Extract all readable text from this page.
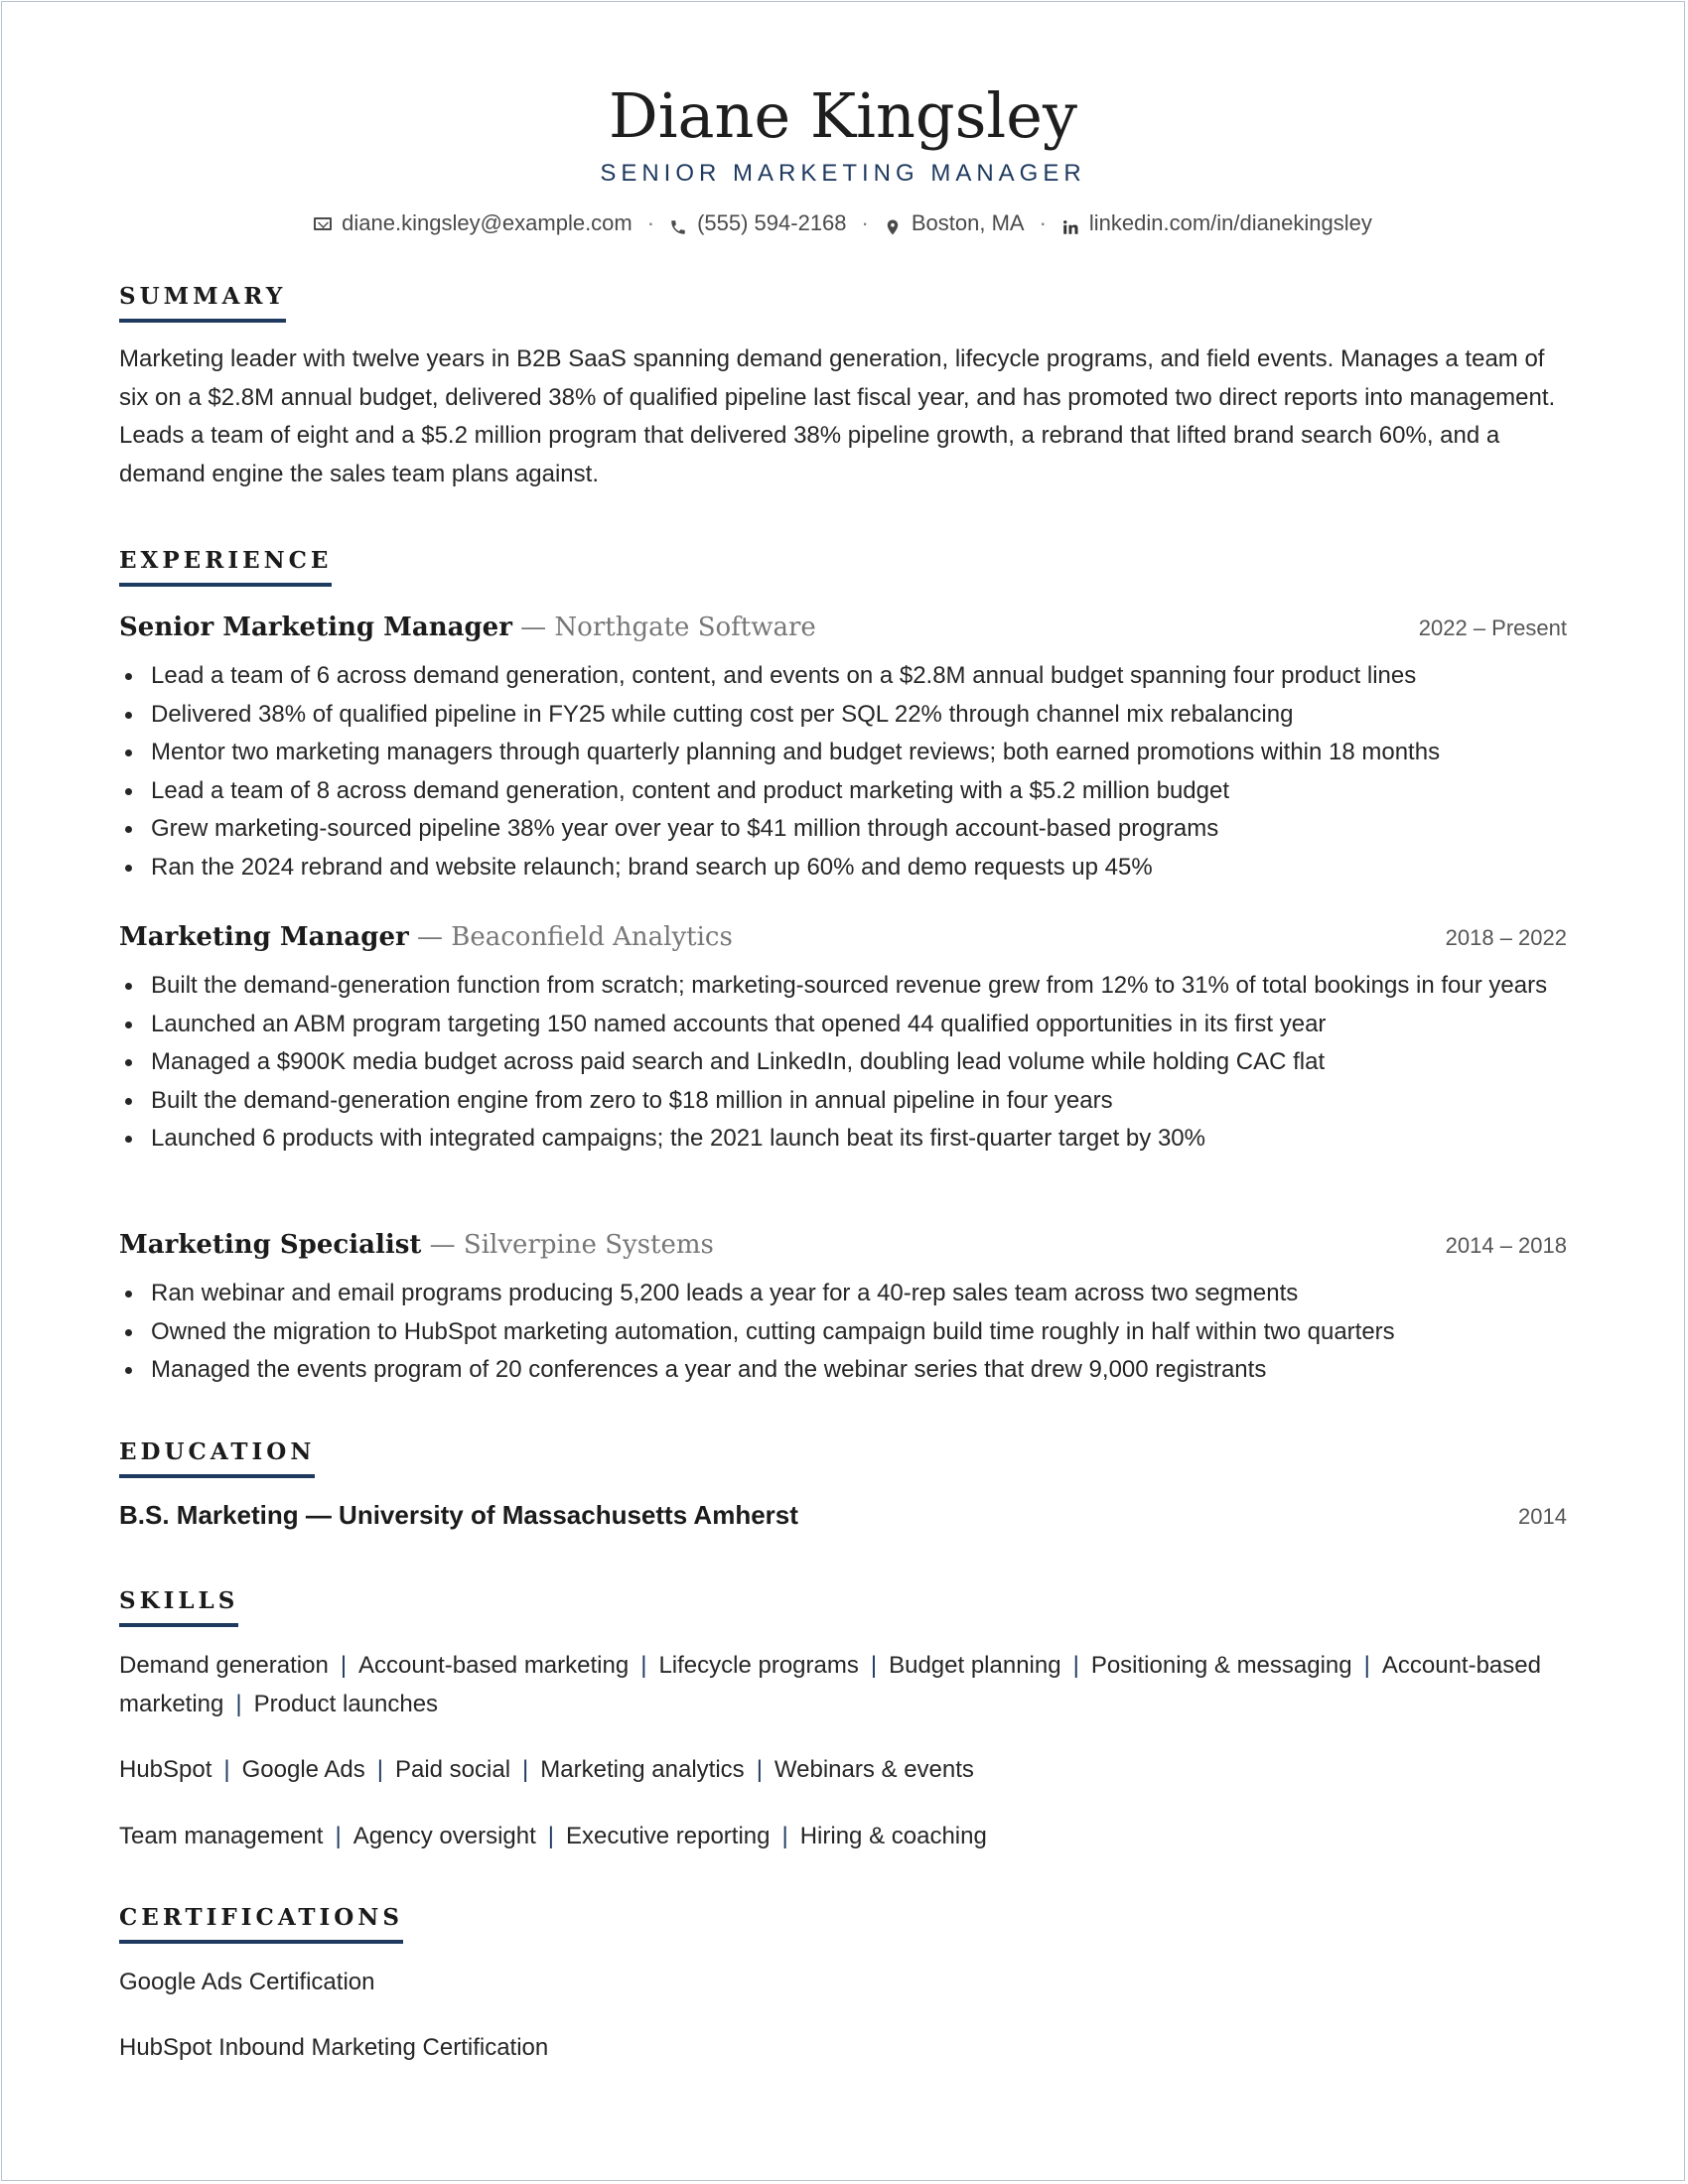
Diane Kingsley
SENIOR MARKETING MANAGER
diane.kingsley@example.com · (555) 594-2168 · Boston, MA · linkedin.com/in/dianekingsley
SUMMARY
Marketing leader with twelve years in B2B SaaS spanning demand generation, lifecycle programs, and field events. Manages a team of six on a $2.8M annual budget, delivered 38% of qualified pipeline last fiscal year, and has promoted two direct reports into management. Leads a team of eight and a $5.2 million program that delivered 38% pipeline growth, a rebrand that lifted brand search 60%, and a demand engine the sales team plans against.
EXPERIENCE
Senior Marketing Manager — Northgate Software	2022 – Present
Lead a team of 6 across demand generation, content, and events on a $2.8M annual budget spanning four product lines
Delivered 38% of qualified pipeline in FY25 while cutting cost per SQL 22% through channel mix rebalancing
Mentor two marketing managers through quarterly planning and budget reviews; both earned promotions within 18 months
Lead a team of 8 across demand generation, content and product marketing with a $5.2 million budget
Grew marketing-sourced pipeline 38% year over year to $41 million through account-based programs
Ran the 2024 rebrand and website relaunch; brand search up 60% and demo requests up 45%
Marketing Manager — Beaconfield Analytics	2018 – 2022
Built the demand-generation function from scratch; marketing-sourced revenue grew from 12% to 31% of total bookings in four years
Launched an ABM program targeting 150 named accounts that opened 44 qualified opportunities in its first year
Managed a $900K media budget across paid search and LinkedIn, doubling lead volume while holding CAC flat
Built the demand-generation engine from zero to $18 million in annual pipeline in four years
Launched 6 products with integrated campaigns; the 2021 launch beat its first-quarter target by 30%
Marketing Specialist — Silverpine Systems	2014 – 2018
Ran webinar and email programs producing 5,200 leads a year for a 40-rep sales team across two segments
Owned the migration to HubSpot marketing automation, cutting campaign build time roughly in half within two quarters
Managed the events program of 20 conferences a year and the webinar series that drew 9,000 registrants
EDUCATION
B.S. Marketing — University of Massachusetts Amherst	2014
SKILLS
Demand generation | Account-based marketing | Lifecycle programs | Budget planning | Positioning & messaging | Account-based marketing | Product launches
HubSpot | Google Ads | Paid social | Marketing analytics | Webinars & events
Team management | Agency oversight | Executive reporting | Hiring & coaching
CERTIFICATIONS
Google Ads Certification
HubSpot Inbound Marketing Certification
